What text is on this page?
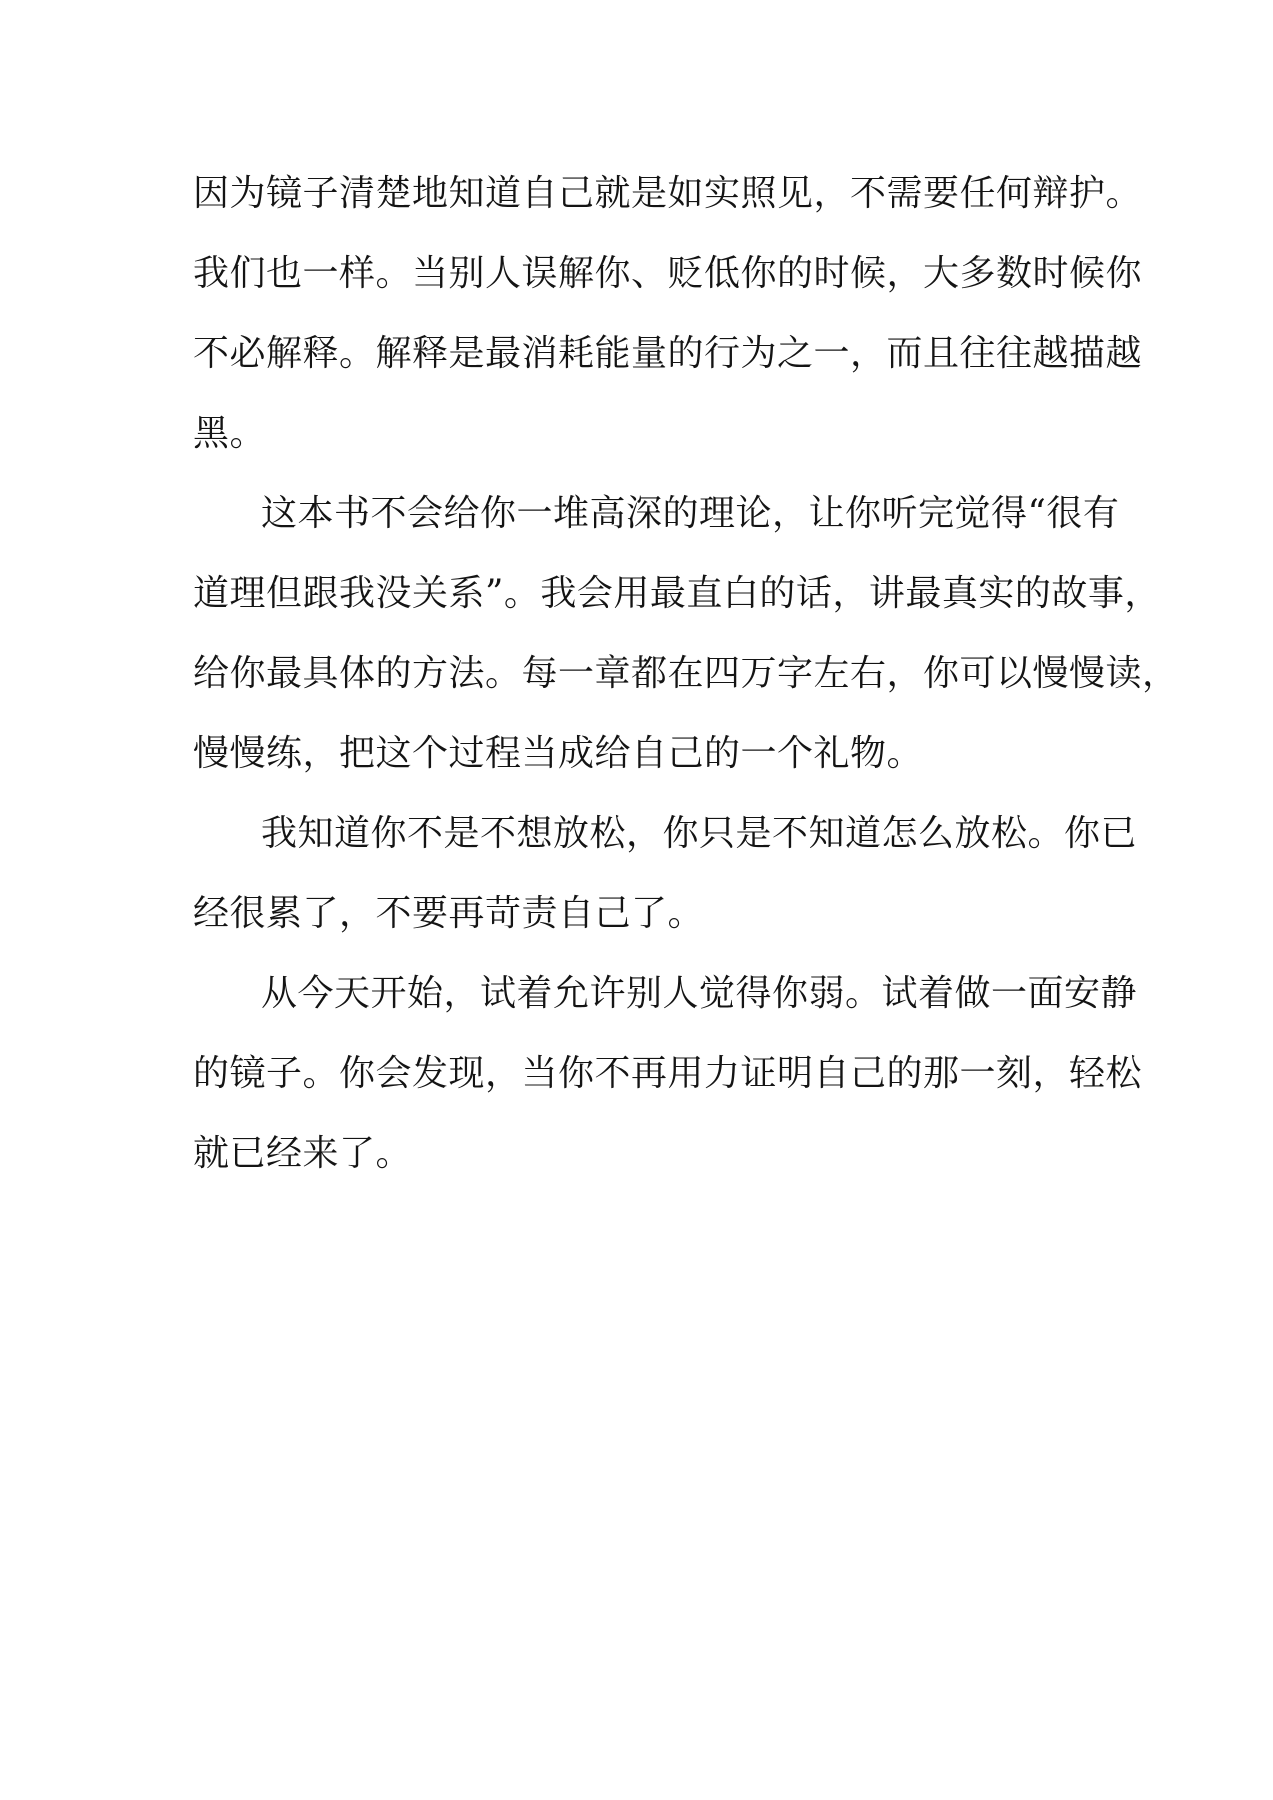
因为镜子清楚地知道自己就是如实照见，不需要任何辩护。
我们也一样。当别人误解你、贬低你的时候，大多数时候你
不必解释。解释是最消耗能量的行为之一，而且往往越描越
黑。
这本书不会给你一堆高深的理论，让你听完觉得“很有
道理但跟我没关系”。我会用最直白的话，讲最真实的故事，
给你最具体的方法。每一章都在四万字左右，你可以慢慢读，
慢慢练，把这个过程当成给自己的一个礼物。
我知道你不是不想放松，你只是不知道怎么放松。你已
经很累了，不要再苛责自己了。
从今天开始，试着允许别人觉得你弱。试着做一面安静
的镜子。你会发现，当你不再用力证明自己的那一刻，轻松
就已经来了。
